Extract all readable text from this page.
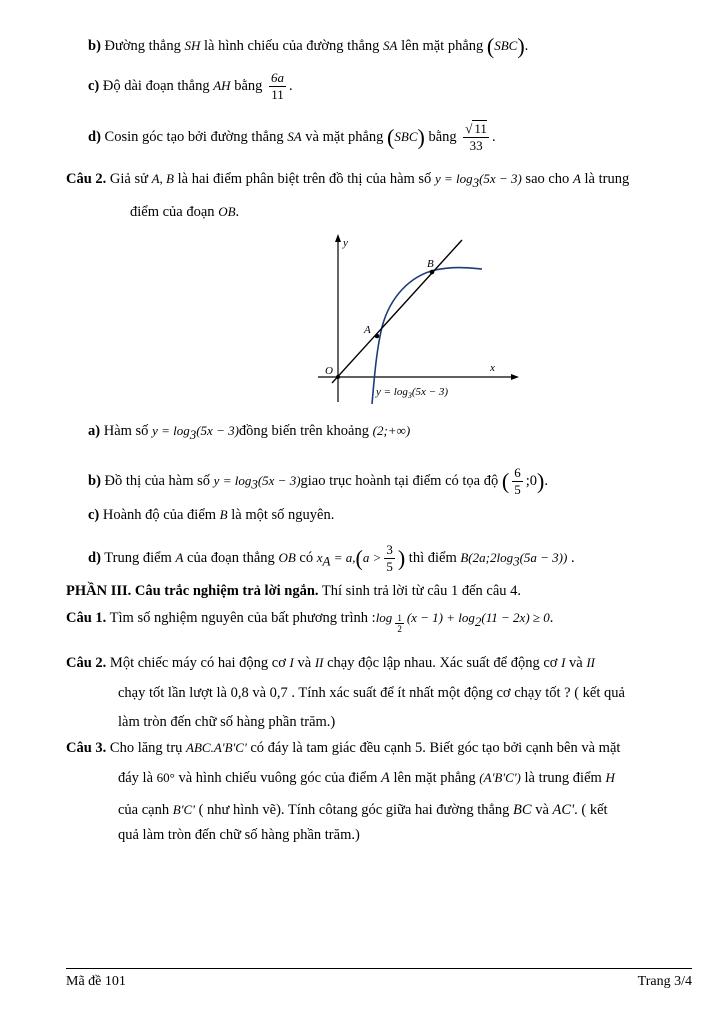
b) Đường thẳng SH là hình chiếu của đường thẳng SA lên mặt phẳng (SBC).
c) Độ dài đoạn thẳng AH bằng $\frac{6a}{11}$ .
d) Cosin góc tạo bởi đường thẳng SA và mặt phẳng (SBC) bằng $\frac{√ 11}{33}$ .
Câu 2. Giả sử A, B là hai điểm phân biệt trên đồ thị của hàm số $y = \log_3(5x - 3)$ sao cho A là trung
điểm của đoạn OB.
y
x
O
A
B
$y = \log_3(5x - 3)$
a) Hàm số $y = \log_3(5x$ − 3)đồng biến trên khoảng (2;+∞)
b) Đồ thị của hàm số $y = \log_3(5x$ − 3)giao trục hoành tại điểm có tọa độ ( $\frac{6}{5}$ ;0).
c) Hoành độ của điểm B là một số nguyên.
d) Trung điểm A của đoạn thẳng OB có $x_A = a,(a > \frac{3}{5}$ ) thì điểm $B(2a;2\log_3(5a - 3))$ .
PHẦN III. Câu trắc nghiệm trả lời ngắn. Thí sinh trả lời từ câu 1 đến câu 4.
Câu 1. Tìm số nghiệm nguyên của bất phương trình :log $\frac{1}{2} (x - 1) + \log_2(11 - 2x) \ge 0$.
Câu 2. Một chiếc máy có hai động cơ I và II chạy độc lập nhau. Xác suất để động cơ I và II
chạy tốt lần lượt là 0,8 và 0,7 . Tính xác suất để ít nhất một động cơ chạy tốt ? ( kết quả
làm tròn đến chữ số hàng phần trăm.)
Câu 3. Cho lăng trụ ABC.A'B'C' có đáy là tam giác đều cạnh 5. Biết góc tạo bởi cạnh bên và mặt
đáy là 60° và hình chiếu vuông góc của điểm A lên mặt phẳng (A'B'C') là trung điểm H
của cạnh B'C' ( như hình vẽ). Tính côtang góc giữa hai đường thẳng BC và AC'. ( kết
quả làm tròn đến chữ số hàng phần trăm.)
Mã đề 101	Trang 3/4
